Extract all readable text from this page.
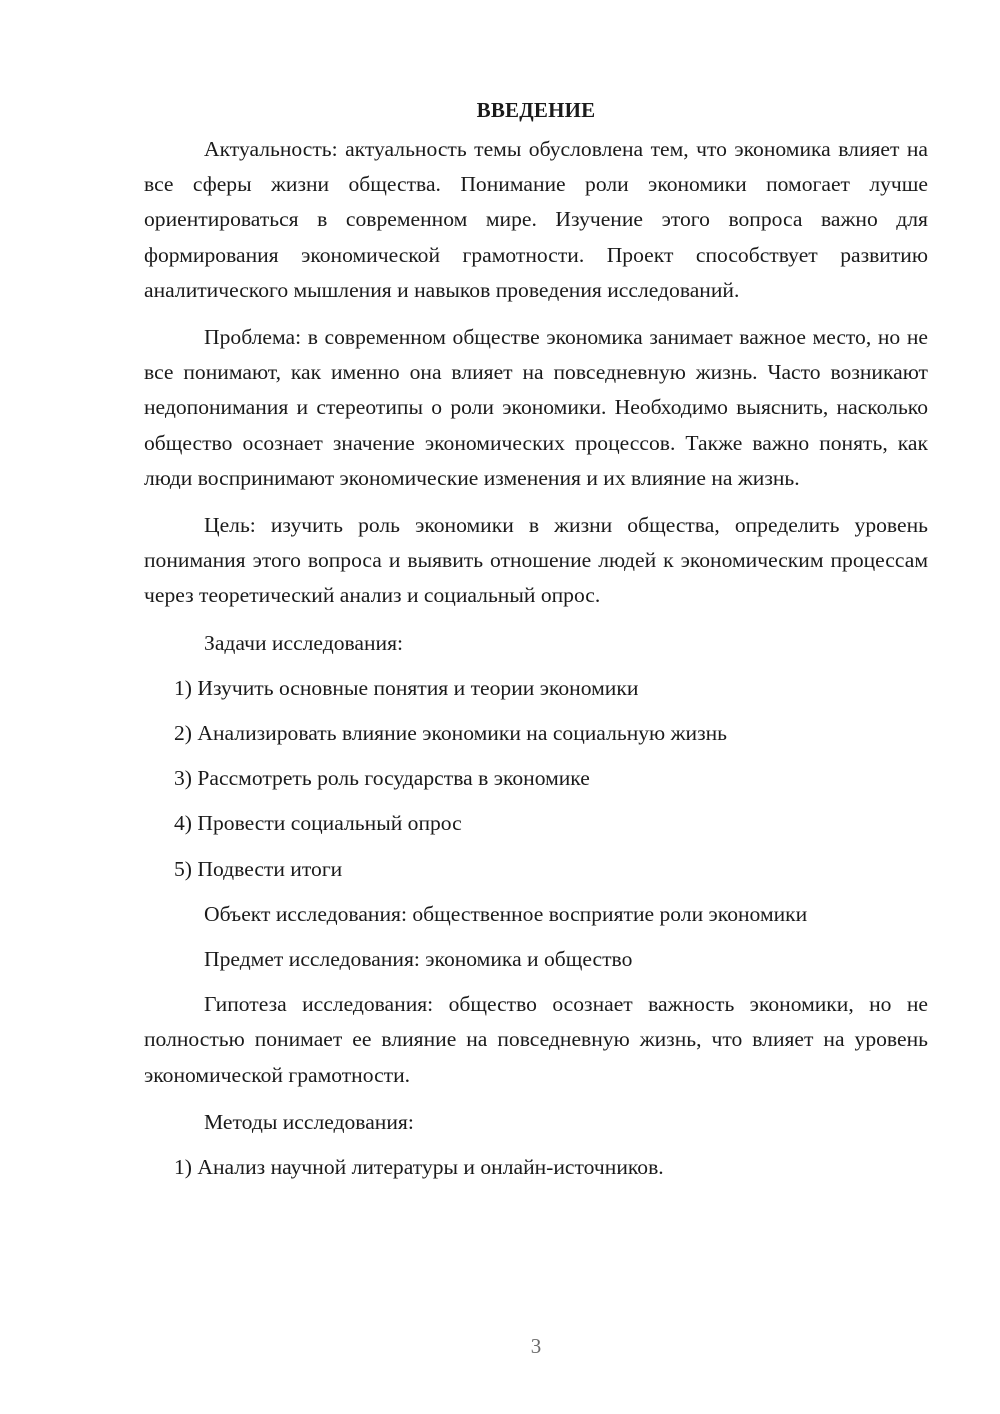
ВВЕДЕНИЕ

Актуальность: актуальность темы обусловлена тем, что экономика влияет на все сферы жизни общества. Понимание роли экономики помогает лучше ориентироваться в современном мире. Изучение этого вопроса важно для формирования экономической грамотности. Проект способствует развитию аналитического мышления и навыков проведения исследований.

Проблема: в современном обществе экономика занимает важное место, но не все понимают, как именно она влияет на повседневную жизнь. Часто возникают недопонимания и стереотипы о роли экономики. Необходимо выяснить, насколько общество осознает значение экономических процессов. Также важно понять, как люди воспринимают экономические изменения и их влияние на жизнь.

Цель: изучить роль экономики в жизни общества, определить уровень понимания этого вопроса и выявить отношение людей к экономическим процессам через теоретический анализ и социальный опрос.

Задачи исследования:
1) Изучить основные понятия и теории экономики
2) Анализировать влияние экономики на социальную жизнь
3) Рассмотреть роль государства в экономике
4) Провести социальный опрос
5) Подвести итоги
Объект исследования: общественное восприятие роли экономики
Предмет исследования: экономика и общество

Гипотеза исследования: общество осознает важность экономики, но не полностью понимает ее влияние на повседневную жизнь, что влияет на уровень экономической грамотности.

Методы исследования:
1) Анализ научной литературы и онлайн-источников.
3
